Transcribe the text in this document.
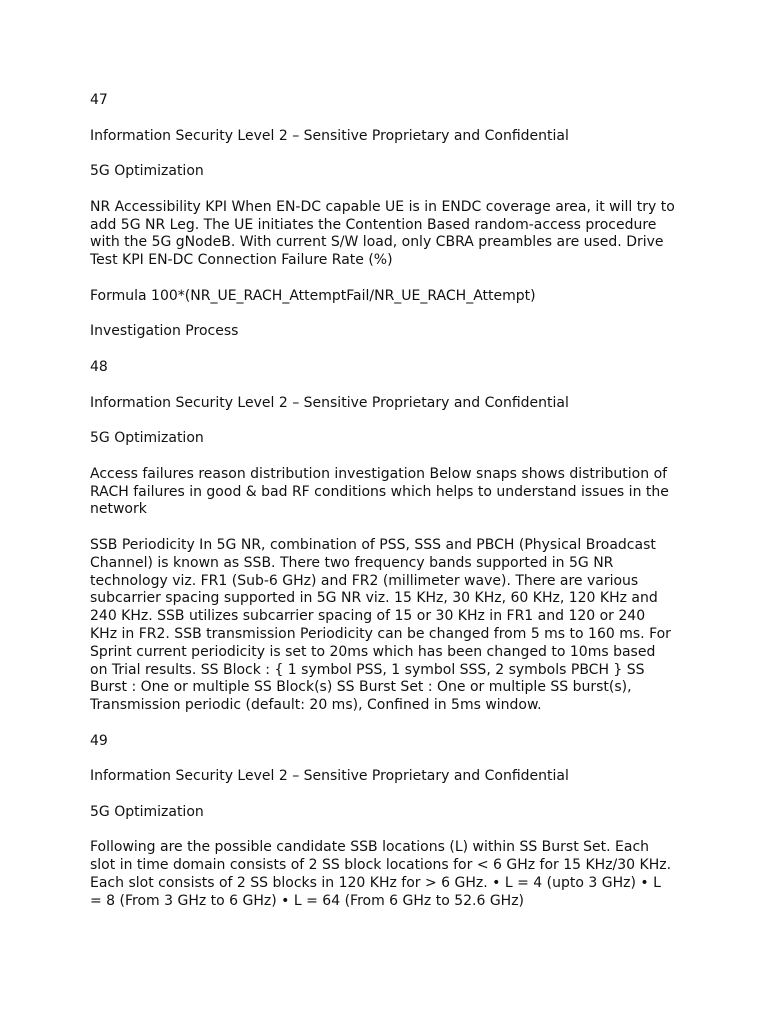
47

Information Security Level 2 – Sensitive Proprietary and Confidential

5G Optimization

NR Accessibility KPI When EN-DC capable UE is in ENDC coverage area, it will try to add 5G NR Leg. The UE initiates the Contention Based random-access procedure with the 5G gNodeB. With current S/W load, only CBRA preambles are used. Drive Test KPI EN-DC Connection Failure Rate (%)

Formula 100*(NR_UE_RACH_AttemptFail/NR_UE_RACH_Attempt)

Investigation Process

48

Information Security Level 2 – Sensitive Proprietary and Confidential

5G Optimization

Access failures reason distribution investigation Below snaps shows distribution of RACH failures in good & bad RF conditions which helps to understand issues in the network

SSB Periodicity In 5G NR, combination of PSS, SSS and PBCH (Physical Broadcast Channel) is known as SSB. There two frequency bands supported in 5G NR technology viz. FR1 (Sub-6 GHz) and FR2 (millimeter wave). There are various subcarrier spacing supported in 5G NR viz. 15 KHz, 30 KHz, 60 KHz, 120 KHz and 240 KHz. SSB utilizes subcarrier spacing of 15 or 30 KHz in FR1 and 120 or 240 KHz in FR2. SSB transmission Periodicity can be changed from 5 ms to 160 ms. For Sprint current periodicity is set to 20ms which has been changed to 10ms based on Trial results. SS Block : { 1 symbol PSS, 1 symbol SSS, 2 symbols PBCH } SS Burst : One or multiple SS Block(s) SS Burst Set : One or multiple SS burst(s), Transmission periodic (default: 20 ms), Confined in 5ms window.

49

Information Security Level 2 – Sensitive Proprietary and Confidential

5G Optimization

Following are the possible candidate SSB locations (L) within SS Burst Set. Each slot in time domain consists of 2 SS block locations for < 6 GHz for 15 KHz/30 KHz. Each slot consists of 2 SS blocks in 120 KHz for > 6 GHz. • L = 4 (upto 3 GHz) • L = 8 (From 3 GHz to 6 GHz) • L = 64 (From 6 GHz to 52.6 GHz)
